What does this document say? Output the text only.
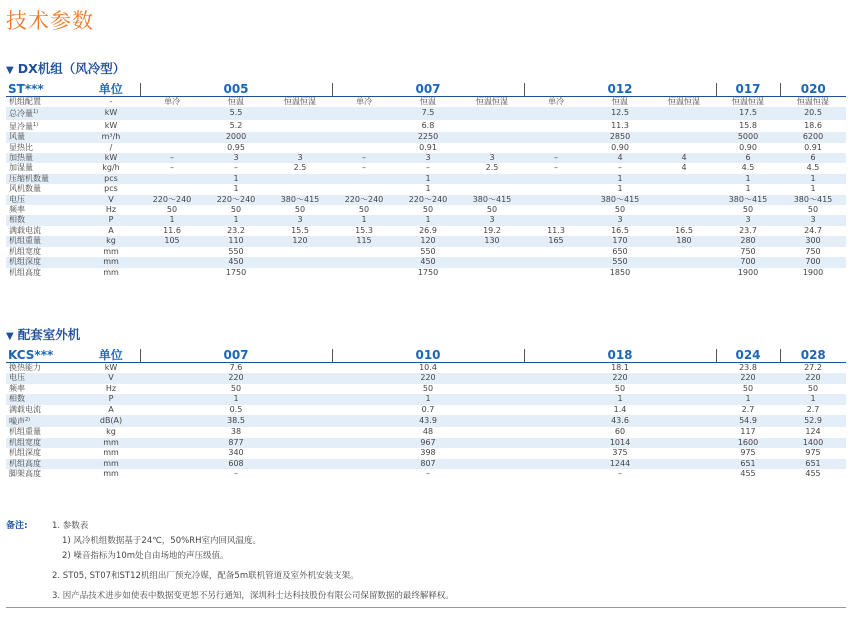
技术参数
▼ DX机组（风冷型）
ST***	单位	005			007			012			017	020
机组配置	-	单冷	恒温	恒温恒湿	单冷	恒温	恒温恒湿	单冷	恒温	恒温恒湿	恒温恒湿	恒温恒湿
总冷量$^{1)}$	kW	5.5			7.5			12.5			17.5	20.5
显冷量$^{1)}$	kW	5.2			6.8			11.3			15.8	18.6
风量	m³/h	2000			2250			2850			5000	6200
显热比	/	0.95			0.91			0.90			0.90	0.91
加热量	kW	–	3	3	–	3	3	–	4	4	6	6
加湿量	kg/h	–	–	2.5	–	–	2.5	–	–	4	4.5	4.5
压缩机数量	pcs	1			1			1			1	1
风机数量	pcs	1			1			1			1	1
电压	V	220～240	220～240	380～415	220～240	220～240	380～415	380～415			380～415	380～415
频率	Hz	50	50	50	50	50	50	50			50	50
相数	P	1	1	3	1	1	3	3			3	3
满载电流	A	11.6	23.2	15.5	15.3	26.9	19.2	11.3	16.5	16.5	23.7	24.7
机组重量	kg	105	110	120	115	120	130	165	170	180	280	300
机组宽度	mm	550			550			650			750	750
机组深度	mm	450			450			550			700	700
机组高度	mm	1750			1750			1850			1900	1900
▼ 配套室外机
KCS***	单位	007	010	018	024	028
换热能力	kW	7.6	10.4	18.1	23.8	27.2
电压	V	220	220	220	220	220
频率	Hz	50	50	50	50	50
相数	P	1	1	1	1	1
满载电流	A	0.5	0.7	1.4	2.7	2.7
噪声$^{2)}$	dB(A)	38.5	43.9	43.6	54.9	52.9
机组重量	kg	38	48	60	117	124
机组宽度	mm	877	967	1014	1600	1400
机组深度	mm	340	398	375	975	975
机组高度	mm	608	807	1244	651	651
脚架高度	mm	–	–	–	455	455
备注:	1. 参数表
1) 风冷机组数据基于24℃，50%RH室内回风温度。
2) 噪音指标为10m处自由场地的声压级值。
2. ST05, ST07和ST12机组出厂预充冷媒，配备5m联机管道及室外机安装支架。
3. 因产品技术进步如使表中数据变更恕不另行通知，深圳科士达科技股份有限公司保留数据的最终解释权。
